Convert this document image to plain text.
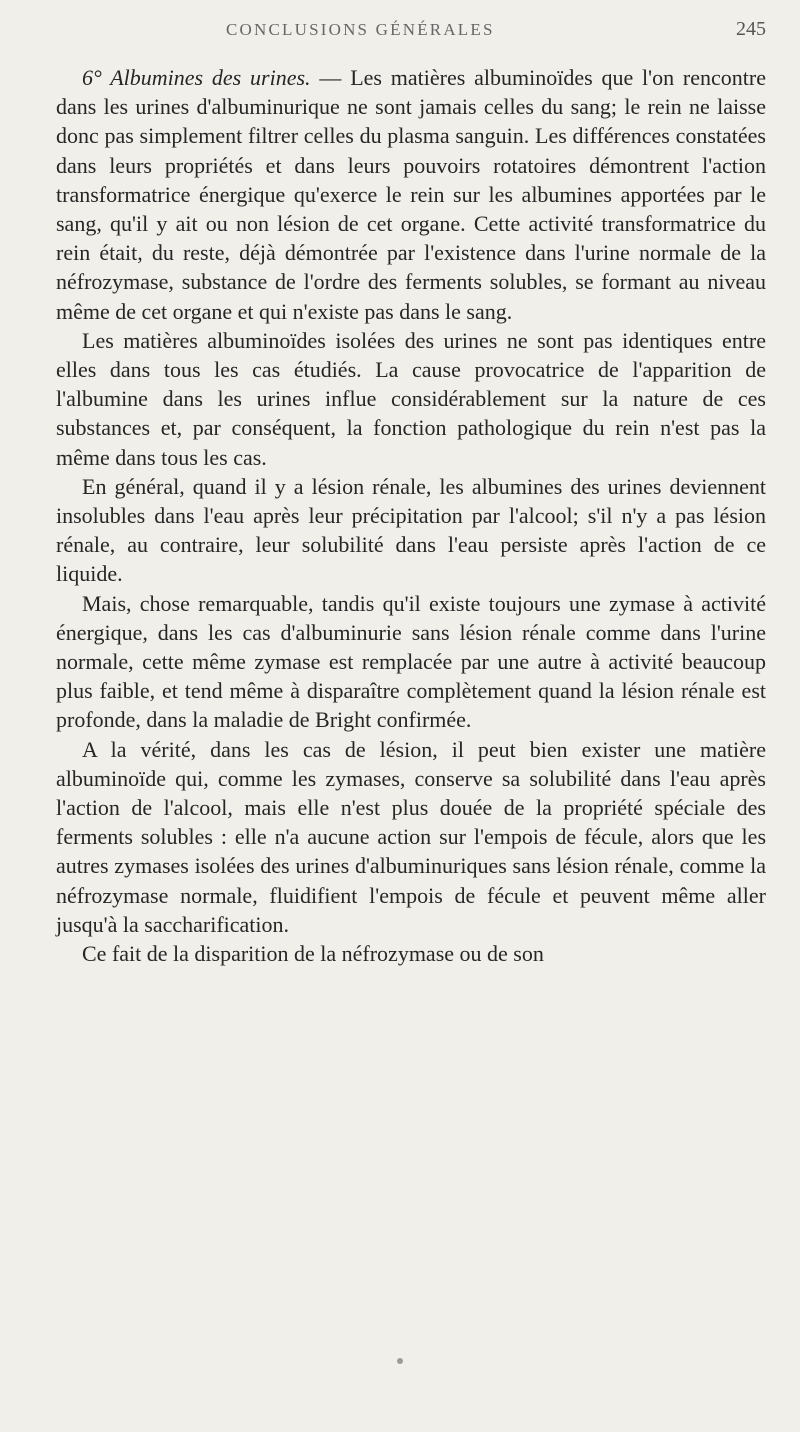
CONCLUSIONS GÉNÉRALES	245

6° Albumines des urines. — Les matières albuminoïdes que l'on rencontre dans les urines d'albuminurique ne sont jamais celles du sang; le rein ne laisse donc pas simplement filtrer celles du plasma sanguin. Les différences constatées dans leurs propriétés et dans leurs pouvoirs rotatoires démontrent l'action transformatrice énergique qu'exerce le rein sur les albumines apportées par le sang, qu'il y ait ou non lésion de cet organe. Cette activité transformatrice du rein était, du reste, déjà démontrée par l'existence dans l'urine normale de la néfrozymase, substance de l'ordre des ferments solubles, se formant au niveau même de cet organe et qui n'existe pas dans le sang.

Les matières albuminoïdes isolées des urines ne sont pas identiques entre elles dans tous les cas étudiés. La cause provocatrice de l'apparition de l'albumine dans les urines influe considérablement sur la nature de ces substances et, par conséquent, la fonction pathologique du rein n'est pas la même dans tous les cas.

En général, quand il y a lésion rénale, les albumines des urines deviennent insolubles dans l'eau après leur précipitation par l'alcool; s'il n'y a pas lésion rénale, au contraire, leur solubilité dans l'eau persiste après l'action de ce liquide.

Mais, chose remarquable, tandis qu'il existe toujours une zymase à activité énergique, dans les cas d'albuminurie sans lésion rénale comme dans l'urine normale, cette même zymase est remplacée par une autre à activité beaucoup plus faible, et tend même à disparaître complètement quand la lésion rénale est profonde, dans la maladie de Bright confirmée.

A la vérité, dans les cas de lésion, il peut bien exister une matière albuminoïde qui, comme les zymases, conserve sa solubilité dans l'eau après l'action de l'alcool, mais elle n'est plus douée de la propriété spéciale des ferments solubles : elle n'a aucune action sur l'empois de fécule, alors que les autres zymases isolées des urines d'albuminuriques sans lésion rénale, comme la néfrozymase normale, fluidifient l'empois de fécule et peuvent même aller jusqu'à la saccharification.

Ce fait de la disparition de la néfrozymase ou de son
